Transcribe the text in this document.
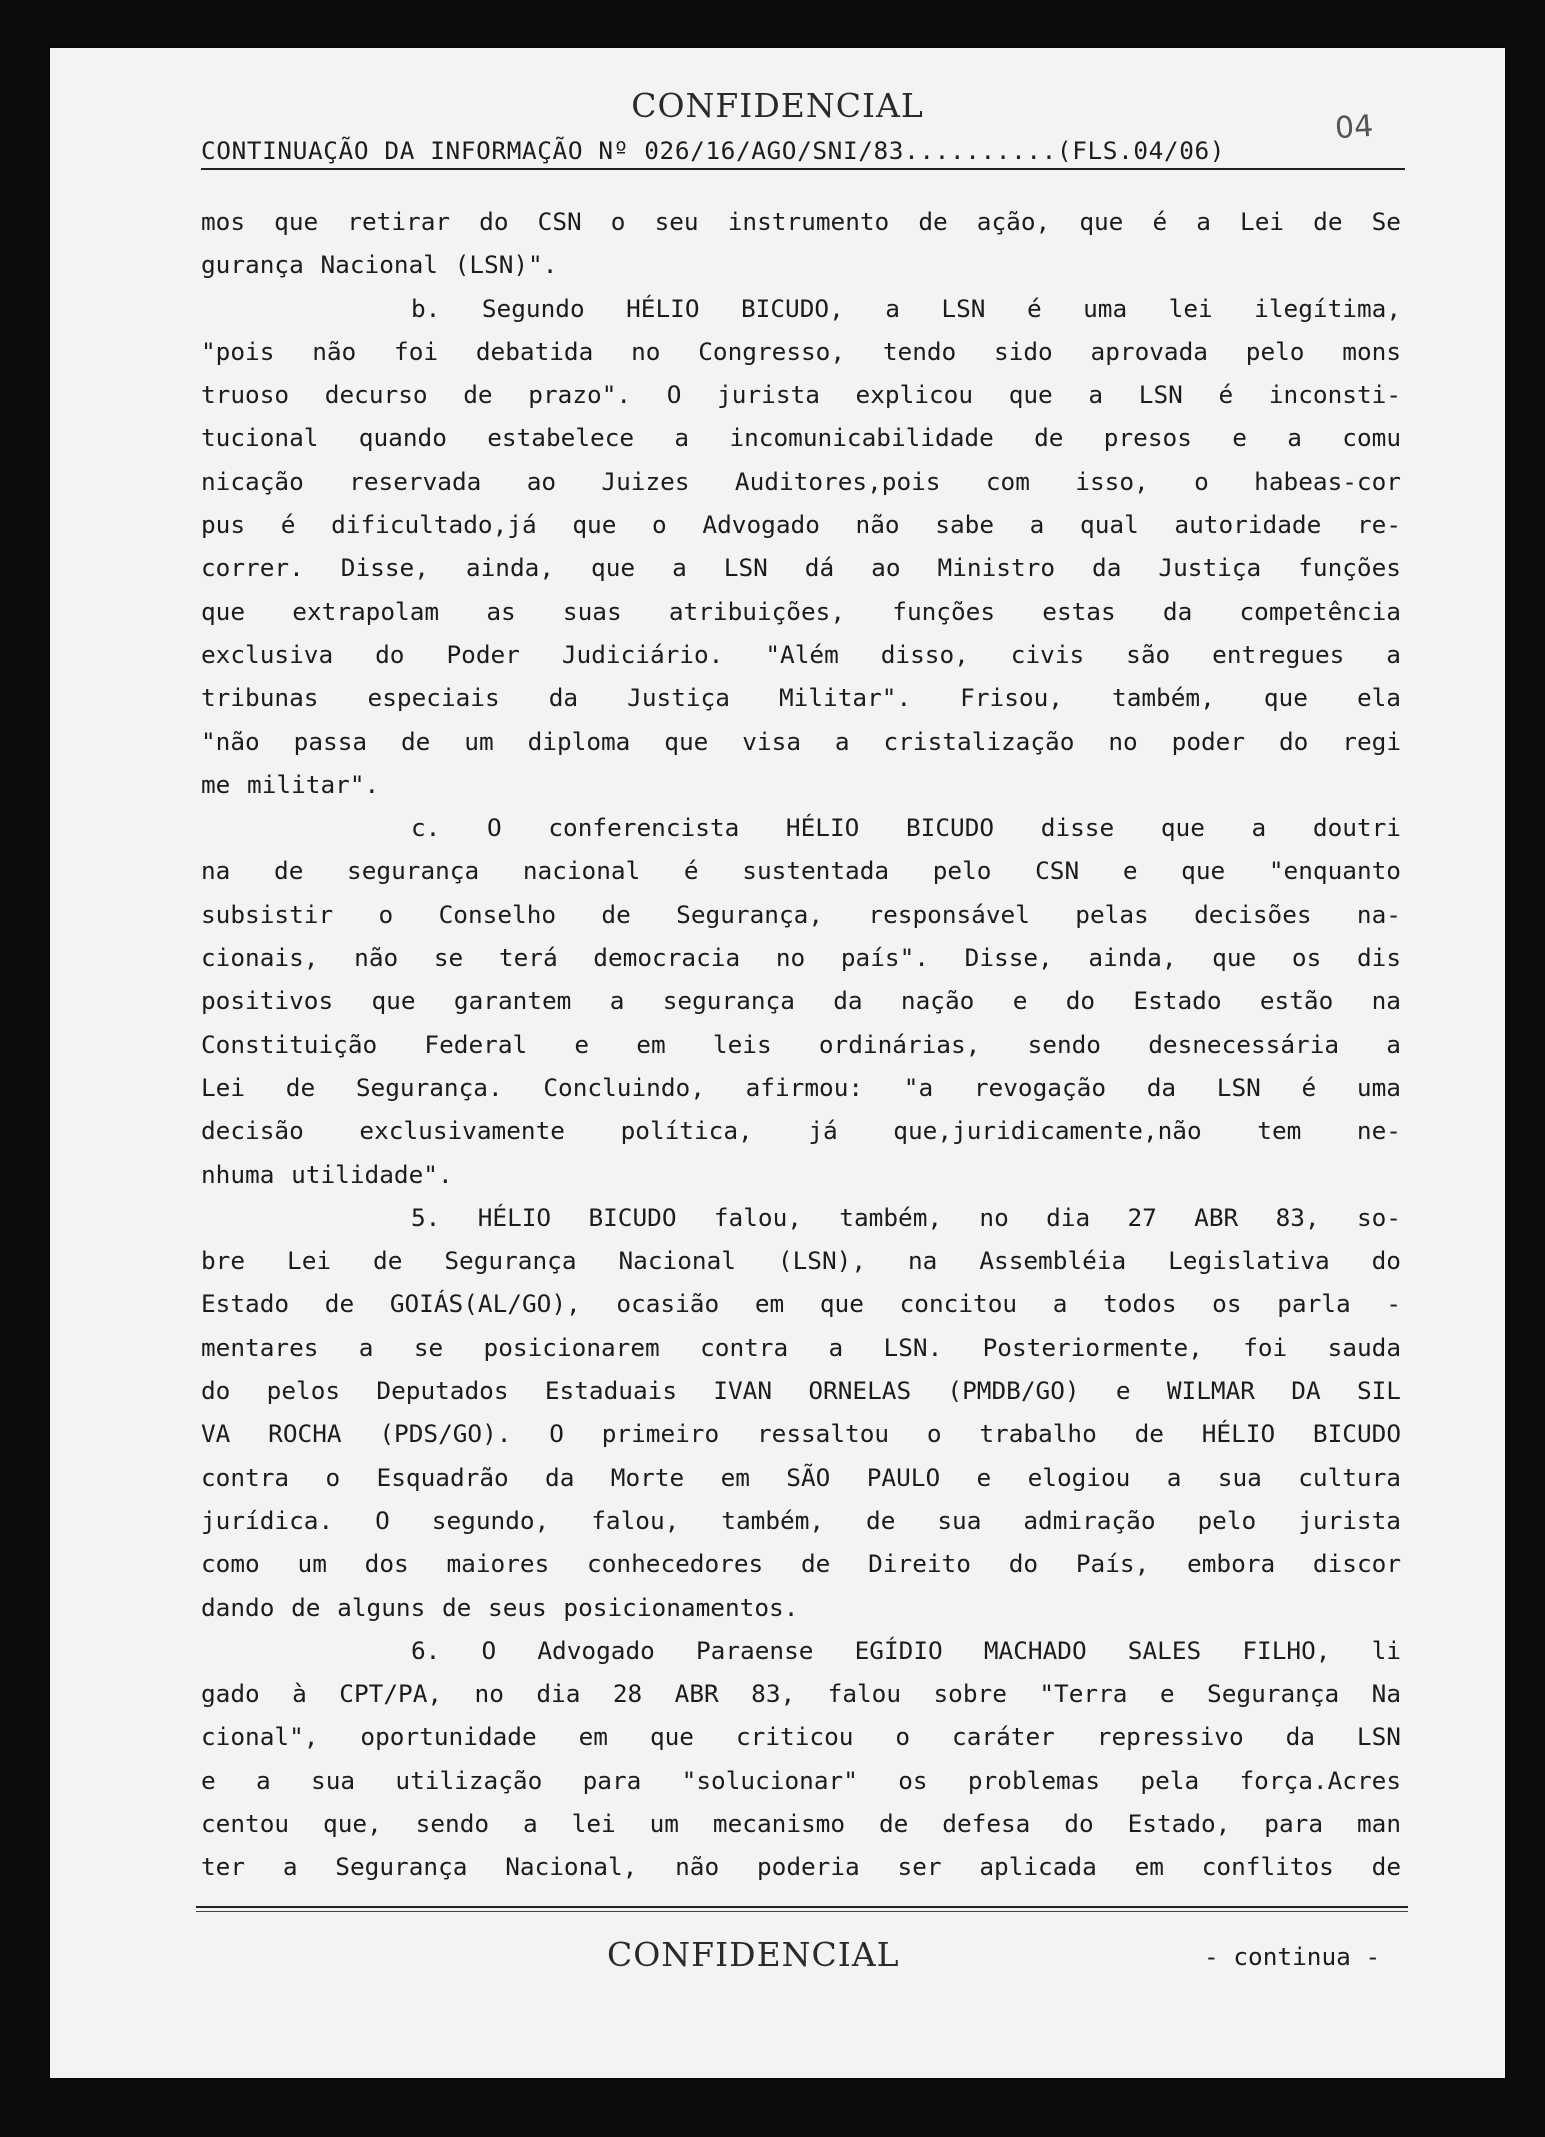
CONFIDENCIAL
04
CONTINUAÇÃO DA INFORMAÇÃO Nº 026/16/AGO/SNI/83..........(FLS.04/06)
mos que retirar do CSN o seu instrumento de ação, que é a Lei de Se
gurança Nacional (LSN)".
b. Segundo HÉLIO BICUDO, a LSN é uma lei ilegítima,
"pois não foi debatida no Congresso, tendo sido aprovada pelo mons
truoso decurso de prazo". O jurista explicou que a LSN é inconsti-
tucional quando estabelece a incomunicabilidade de presos e a comu
nicação reservada ao Juizes Auditores,pois com isso, o habeas-cor
pus é dificultado,já que o Advogado não sabe a qual autoridade re-
correr. Disse, ainda, que a LSN dá ao Ministro da Justiça funções
que extrapolam as suas atribuições, funções estas da competência
exclusiva do Poder Judiciário. "Além disso, civis são entregues a
tribunas especiais da Justiça Militar". Frisou, também, que ela
"não passa de um diploma que visa a cristalização no poder do regi
me militar".
c. O conferencista HÉLIO BICUDO disse que a doutri
na de segurança nacional é sustentada pelo CSN e que "enquanto
subsistir o Conselho de Segurança, responsável pelas decisões na-
cionais, não se terá democracia no país". Disse, ainda, que os dis
positivos que garantem a segurança da nação e do Estado estão na
Constituição Federal e em leis ordinárias, sendo desnecessária a
Lei de Segurança. Concluindo, afirmou: "a revogação da LSN é uma
decisão exclusivamente política, já que,juridicamente,não tem ne-
nhuma utilidade".
5. HÉLIO BICUDO falou, também, no dia 27 ABR 83, so-
bre Lei de Segurança Nacional (LSN), na Assembléia Legislativa do
Estado de GOIÁS(AL/GO), ocasião em que concitou a todos os parla -
mentares a se posicionarem contra a LSN. Posteriormente, foi sauda
do pelos Deputados Estaduais IVAN ORNELAS (PMDB/GO) e WILMAR DA SIL
VA ROCHA (PDS/GO). O primeiro ressaltou o trabalho de HÉLIO BICUDO
contra o Esquadrão da Morte em SÃO PAULO e elogiou a sua cultura
jurídica. O segundo, falou, também, de sua admiração pelo jurista
como um dos maiores conhecedores de Direito do País, embora discor
dando de alguns de seus posicionamentos.
6. O Advogado Paraense EGÍDIO MACHADO SALES FILHO, li
gado à CPT/PA, no dia 28 ABR 83, falou sobre "Terra e Segurança Na
cional", oportunidade em que criticou o caráter repressivo da LSN
e a sua utilização para "solucionar" os problemas pela força.Acres
centou que, sendo a lei um mecanismo de defesa do Estado, para man
ter a Segurança Nacional, não poderia ser aplicada em conflitos de
CONFIDENCIAL	- continua -
